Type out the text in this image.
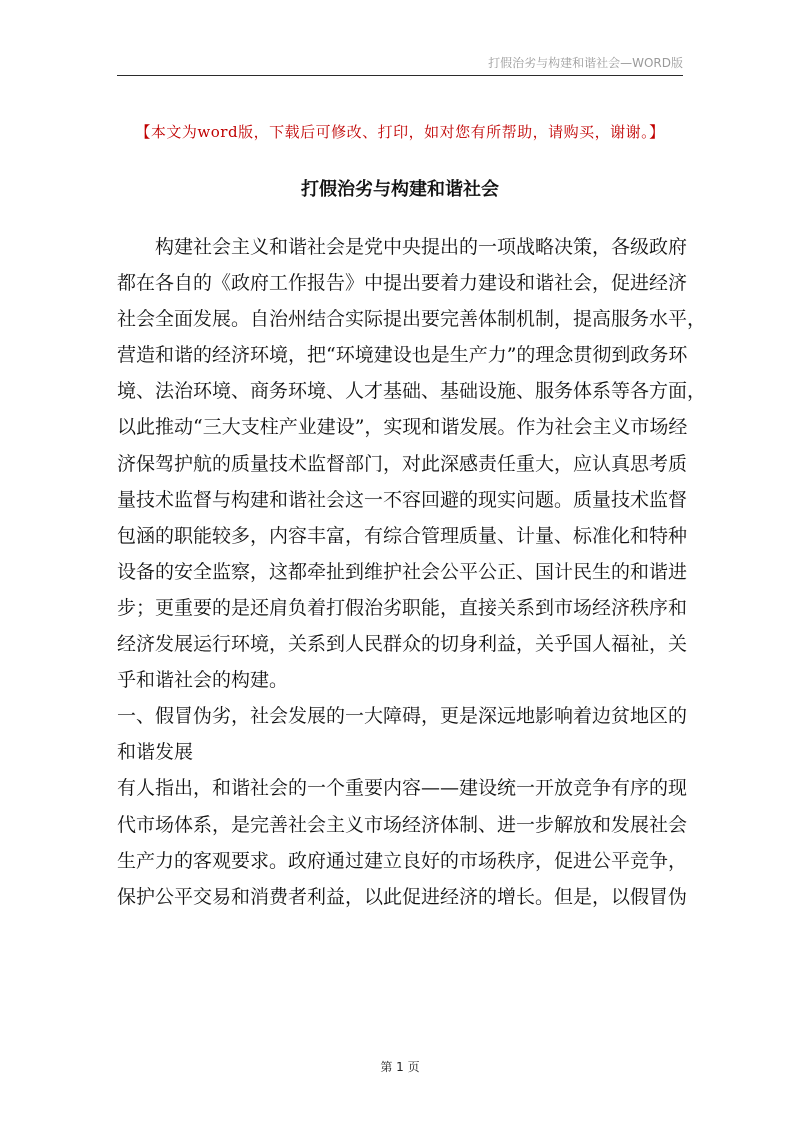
打假治劣与构建和谐社会—WORD版
【本文为word版，下载后可修改、打印，如对您有所帮助，请购买，谢谢。】
打假治劣与构建和谐社会
　　构建社会主义和谐社会是党中央提出的一项战略决策，各级政府
都在各自的《政府工作报告》中提出要着力建设和谐社会，促进经济
社会全面发展。自治州结合实际提出要完善体制机制，提高服务水平，
营造和谐的经济环境，把“环境建设也是生产力”的理念贯彻到政务环
境、法治环境、商务环境、人才基础、基础设施、服务体系等各方面，
以此推动“三大支柱产业建设”，实现和谐发展。作为社会主义市场经
济保驾护航的质量技术监督部门，对此深感责任重大，应认真思考质
量技术监督与构建和谐社会这一不容回避的现实问题。质量技术监督
包涵的职能较多，内容丰富，有综合管理质量、计量、标准化和特种
设备的安全监察，这都牵扯到维护社会公平公正、国计民生的和谐进
步；更重要的是还肩负着打假治劣职能，直接关系到市场经济秩序和
经济发展运行环境，关系到人民群众的切身利益，关乎国人福祉，关
乎和谐社会的构建。
一、假冒伪劣，社会发展的一大障碍，更是深远地影响着边贫地区的
和谐发展
有人指出，和谐社会的一个重要内容——建设统一开放竞争有序的现
代市场体系，是完善社会主义市场经济体制、进一步解放和发展社会
生产力的客观要求。政府通过建立良好的市场秩序，促进公平竞争，
保护公平交易和消费者利益，以此促进经济的增长。但是，以假冒伪
第 1 页
